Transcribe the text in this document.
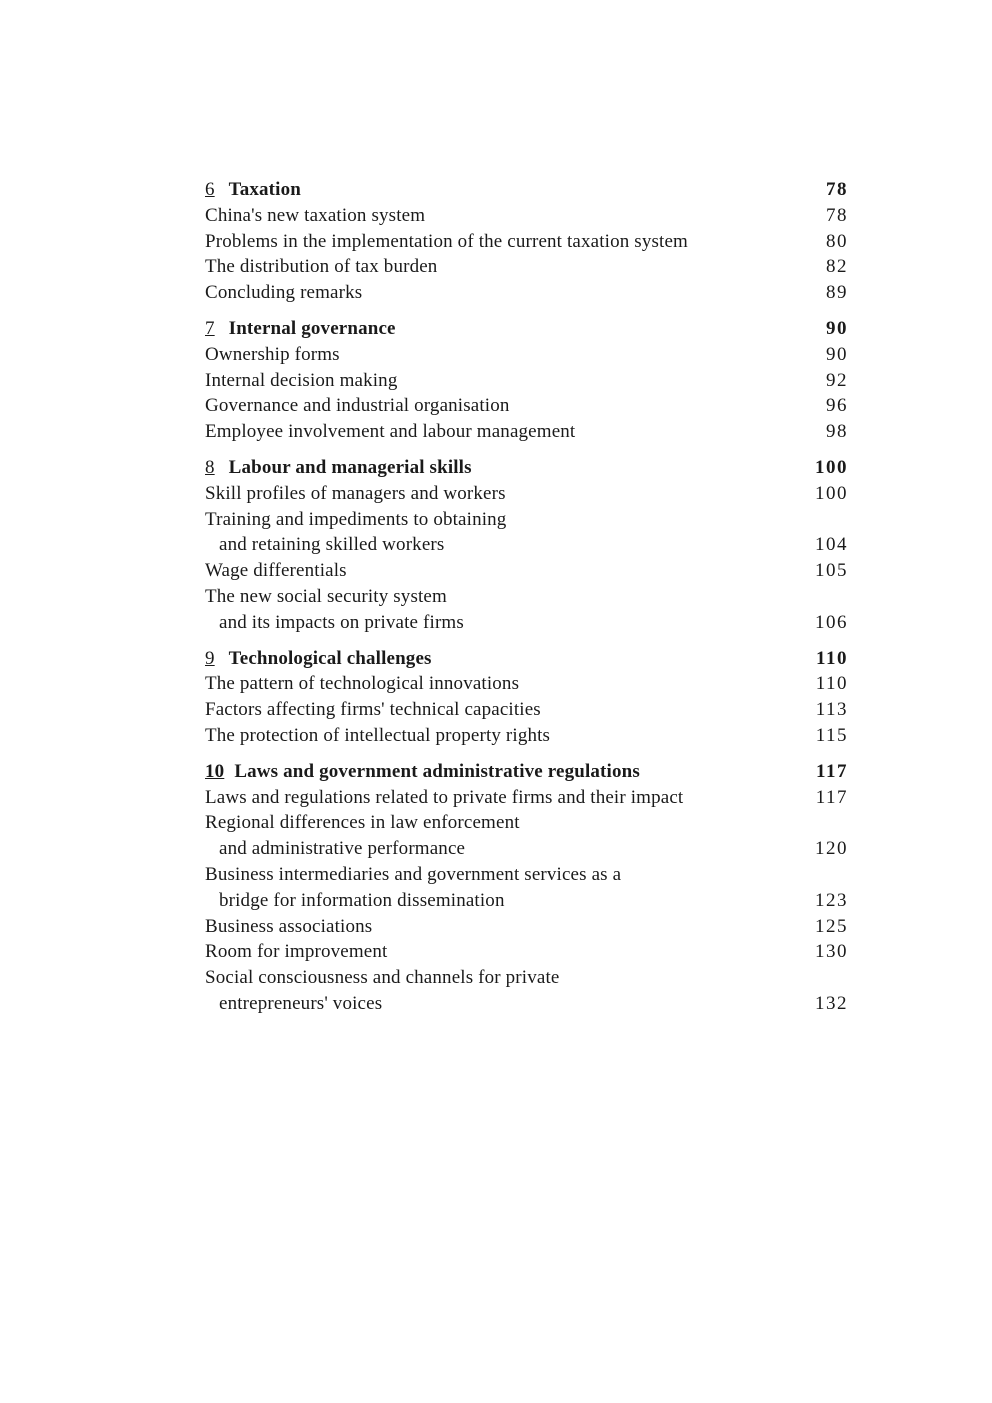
6 Taxation	78
China's new taxation system	78
Problems in the implementation of the current taxation system	80
The distribution of tax burden	82
Concluding remarks	89
7 Internal governance	90
Ownership forms	90
Internal decision making	92
Governance and industrial organisation	96
Employee involvement and labour management	98
8 Labour and managerial skills	100
Skill profiles of managers and workers	100
Training and impediments to obtaining
and retaining skilled workers	104
Wage differentials	105
The new social security system
and its impacts on private firms	106
9 Technological challenges	110
The pattern of technological innovations	110
Factors affecting firms' technical capacities	113
The protection of intellectual property rights	115
10 Laws and government administrative regulations	117
Laws and regulations related to private firms and their impact	117
Regional differences in law enforcement
and administrative performance	120
Business intermediaries and government services as a
bridge for information dissemination	123
Business associations	125
Room for improvement	130
Social consciousness and channels for private
entrepreneurs' voices	132
